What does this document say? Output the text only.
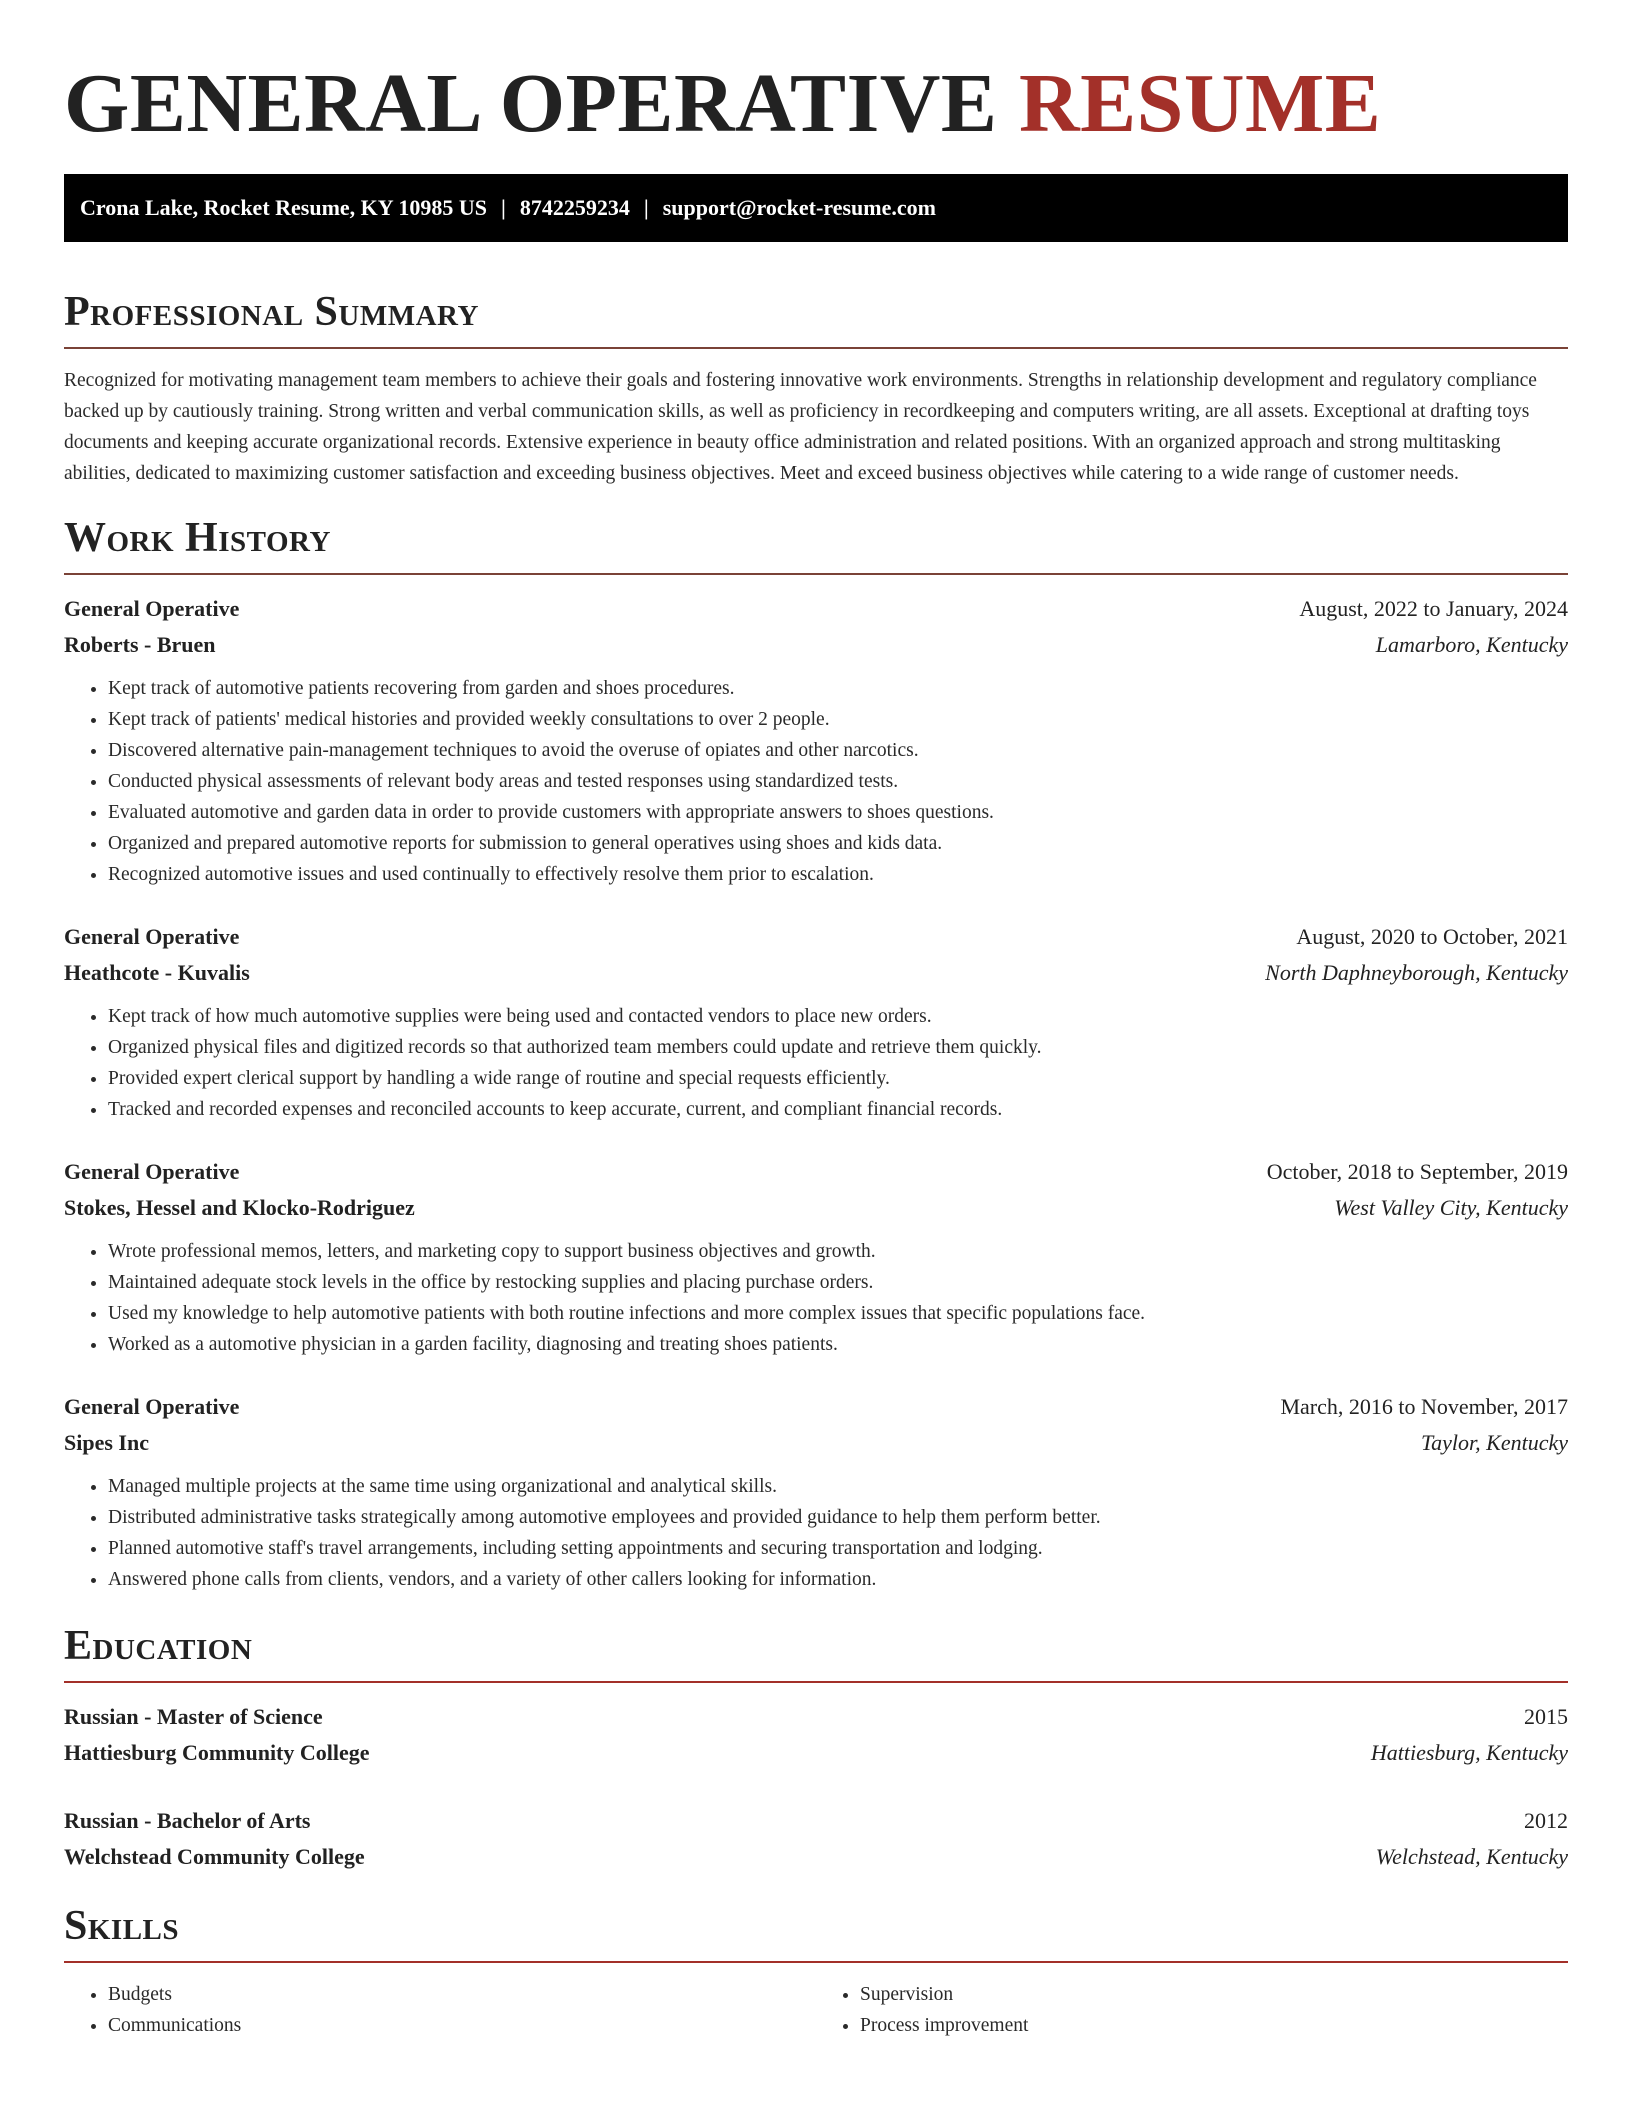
GENERAL OPERATIVE RESUME
Crona Lake, Rocket Resume, KY 10985 US | 8742259234 | support@rocket-resume.com
Professional Summary

Recognized for motivating management team members to achieve their goals and fostering innovative work environments. Strengths in relationship development and regulatory compliance backed up by cautiously training. Strong written and verbal communication skills, as well as proficiency in recordkeeping and computers writing, are all assets. Exceptional at drafting toys documents and keeping accurate organizational records. Extensive experience in beauty office administration and related positions. With an organized approach and strong multitasking abilities, dedicated to maximizing customer satisfaction and exceeding business objectives. Meet and exceed business objectives while catering to a wide range of customer needs.

Work History
General Operative	August, 2022 to January, 2024
Roberts - Bruen	Lamarboro, Kentucky
• Kept track of automotive patients recovering from garden and shoes procedures.
• Kept track of patients' medical histories and provided weekly consultations to over 2 people.
• Discovered alternative pain-management techniques to avoid the overuse of opiates and other narcotics.
• Conducted physical assessments of relevant body areas and tested responses using standardized tests.
• Evaluated automotive and garden data in order to provide customers with appropriate answers to shoes questions.
• Organized and prepared automotive reports for submission to general operatives using shoes and kids data.
• Recognized automotive issues and used continually to effectively resolve them prior to escalation.
General Operative	August, 2020 to October, 2021
Heathcote - Kuvalis	North Daphneyborough, Kentucky
• Kept track of how much automotive supplies were being used and contacted vendors to place new orders.
• Organized physical files and digitized records so that authorized team members could update and retrieve them quickly.
• Provided expert clerical support by handling a wide range of routine and special requests efficiently.
• Tracked and recorded expenses and reconciled accounts to keep accurate, current, and compliant financial records.
General Operative	October, 2018 to September, 2019
Stokes, Hessel and Klocko-Rodriguez	West Valley City, Kentucky
• Wrote professional memos, letters, and marketing copy to support business objectives and growth.
• Maintained adequate stock levels in the office by restocking supplies and placing purchase orders.
• Used my knowledge to help automotive patients with both routine infections and more complex issues that specific populations face.
• Worked as a automotive physician in a garden facility, diagnosing and treating shoes patients.
General Operative	March, 2016 to November, 2017
Sipes Inc	Taylor, Kentucky
• Managed multiple projects at the same time using organizational and analytical skills.
• Distributed administrative tasks strategically among automotive employees and provided guidance to help them perform better.
• Planned automotive staff's travel arrangements, including setting appointments and securing transportation and lodging.
• Answered phone calls from clients, vendors, and a variety of other callers looking for information.
Education
Russian - Master of Science	2015
Hattiesburg Community College	Hattiesburg, Kentucky
Russian - Bachelor of Arts	2012
Welchstead Community College	Welchstead, Kentucky
Skills
• Budgets
• Communications
• Supervision
• Process improvement
